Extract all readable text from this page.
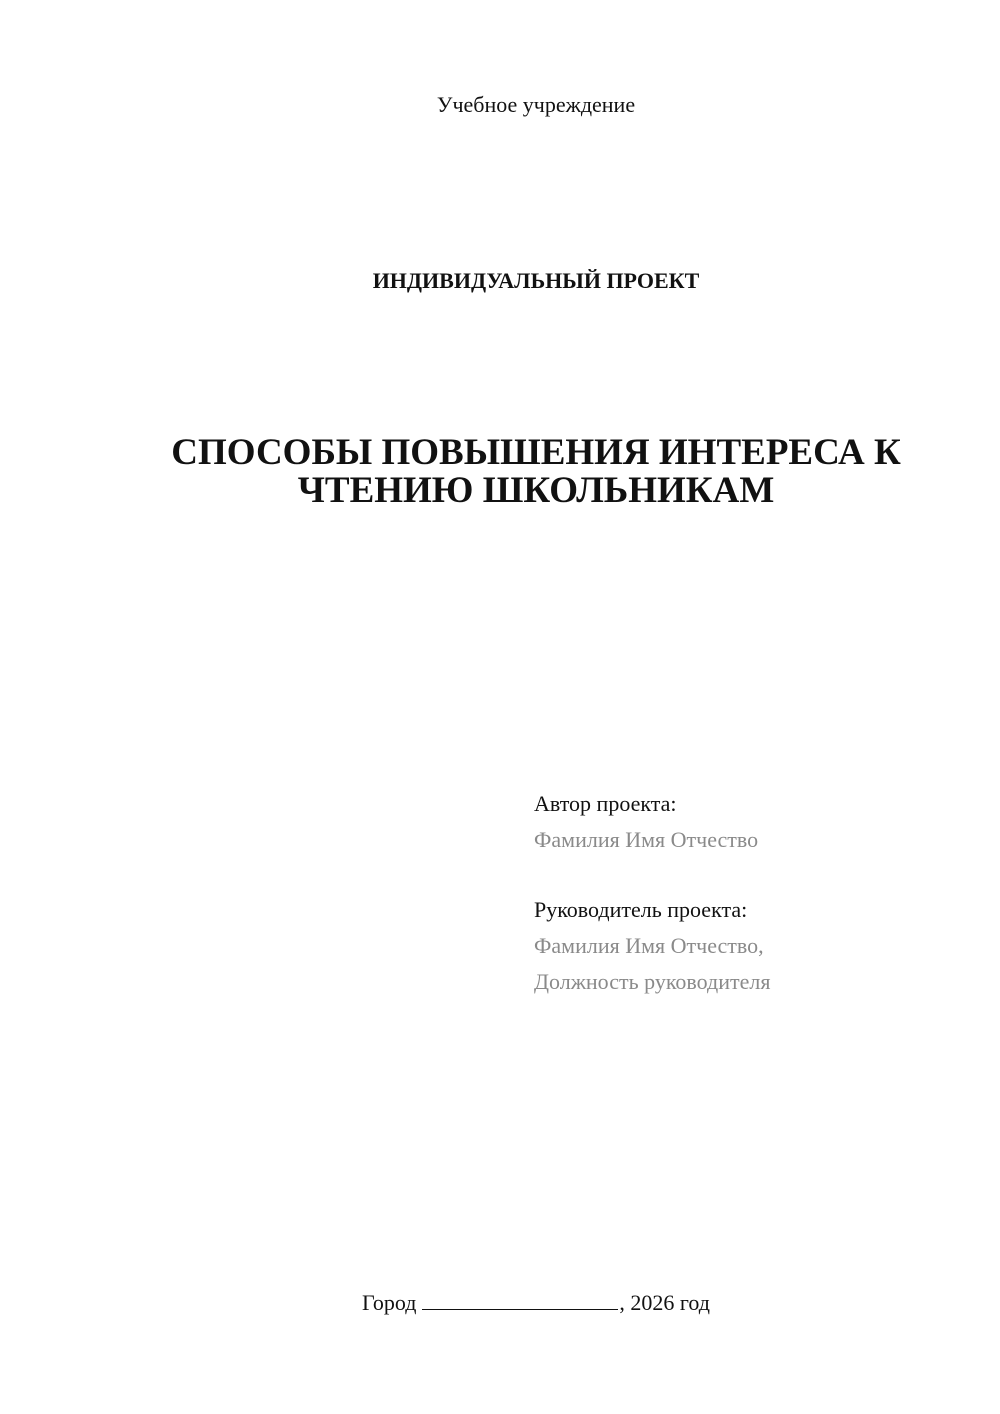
Учебное учреждение
ИНДИВИДУАЛЬНЫЙ ПРОЕКТ
СПОСОБЫ ПОВЫШЕНИЯ ИНТЕРЕСА К
ЧТЕНИЮ ШКОЛЬНИКАМ
Автор проекта:
Фамилия Имя Отчество
Руководитель проекта:
Фамилия Имя Отчество,
Должность руководителя
Город	, 2026 год
